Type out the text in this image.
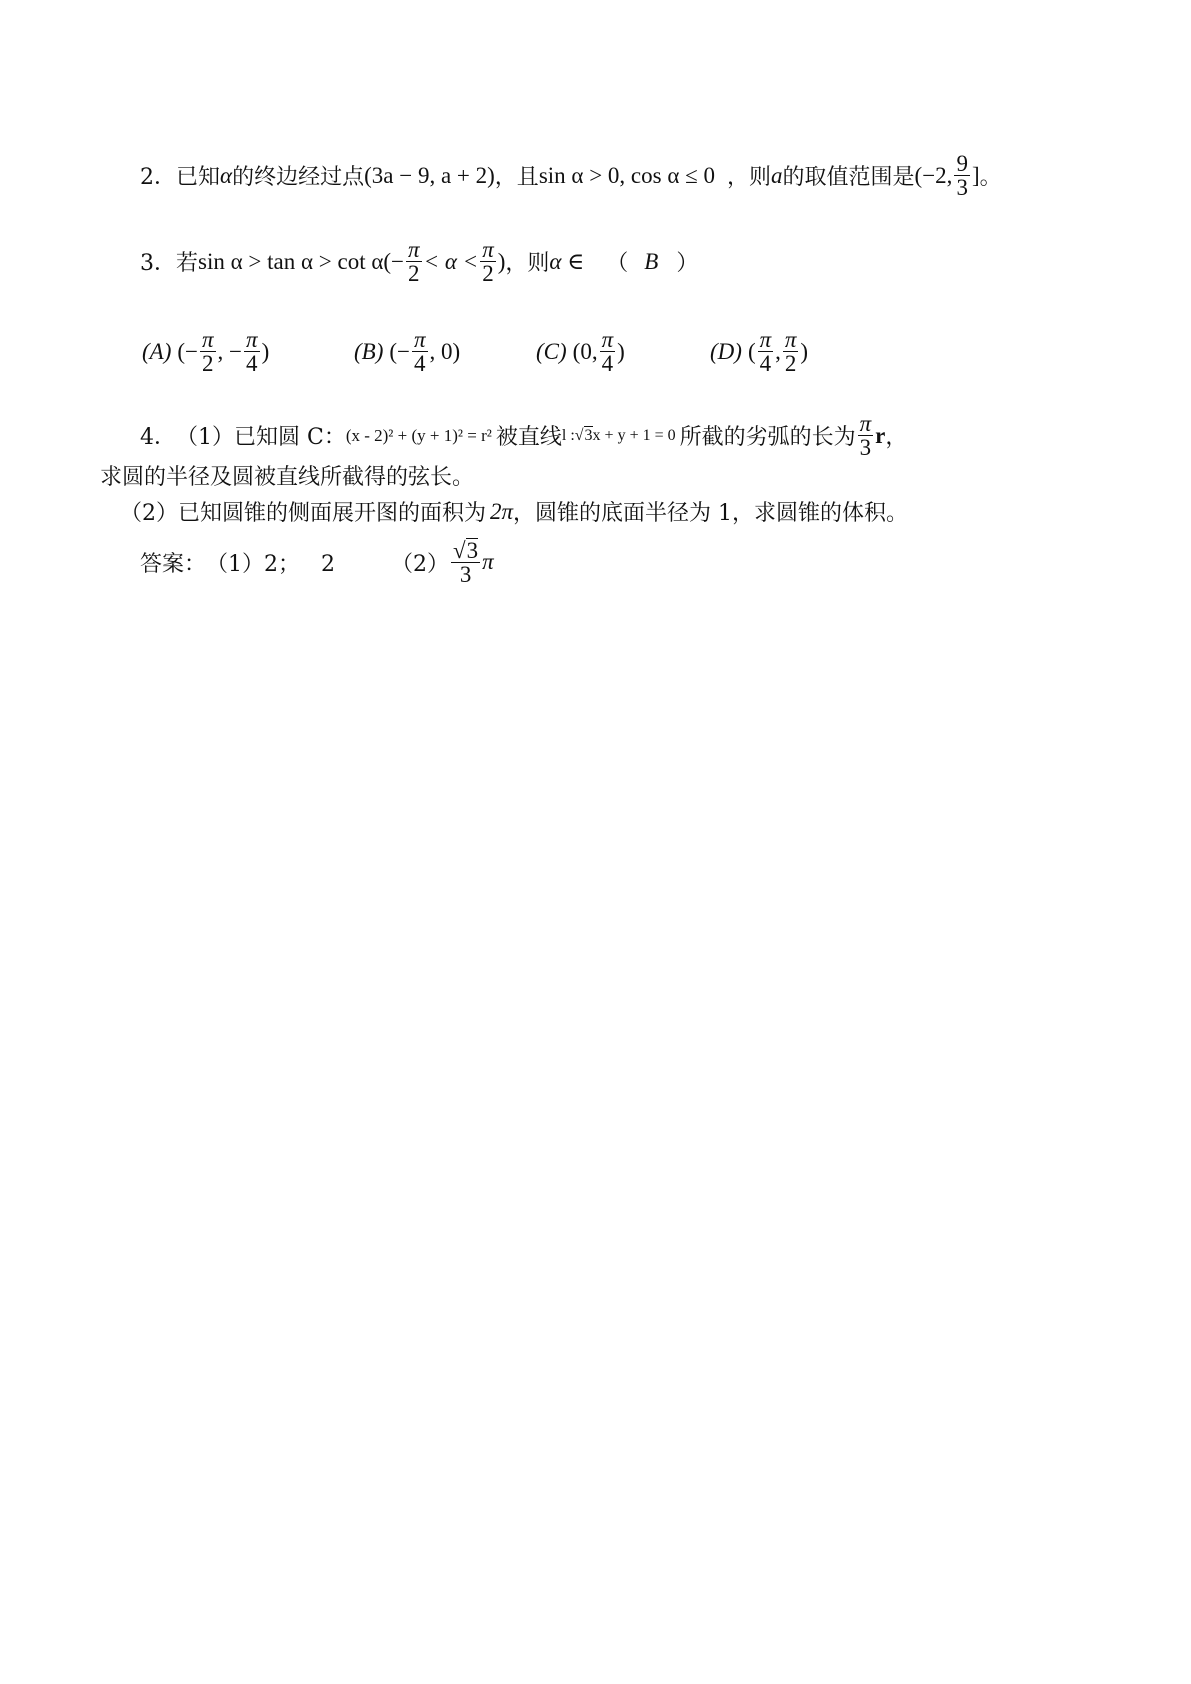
2． 已知 α 的终边经过点 (3a − 9, a + 2) ，且 sin α > 0, cos α ≤ 0 ，则 a 的取值范围是 (−2, $\frac{9}{3}$ ] 。
3． 若 $\sin \alpha > \tan \alpha > \cot \alpha(- \frac{\pi}{2} < \alpha < \frac{\pi}{2}$ ) ，则 α ∈ （ B ）
(A) (− $\frac{\pi}{2}$ , − $\frac{\pi}{4}$ )	(B) (− $\frac{\pi}{4}$ , 0)	(C) (0, $\frac{\pi}{4}$ )	(D) ( $\frac{\pi}{4}$ , $\frac{\pi}{2}$ )
4． （1）已知圆 C： (x - 2)² + (y + 1)² = r² 被直线 l : √ 3 x + y + 1 = 0 所截的劣弧的长为 $\frac{\pi}{3}$ r ，
求圆的半径及圆被直线所截得的弦长。
（2）已知圆锥的侧面展开图的面积为 2π ，圆锥的底面半径为 1，求圆锥的体积。
答案： （1）2；   2	$(2) \frac{√3}{3}$ π
